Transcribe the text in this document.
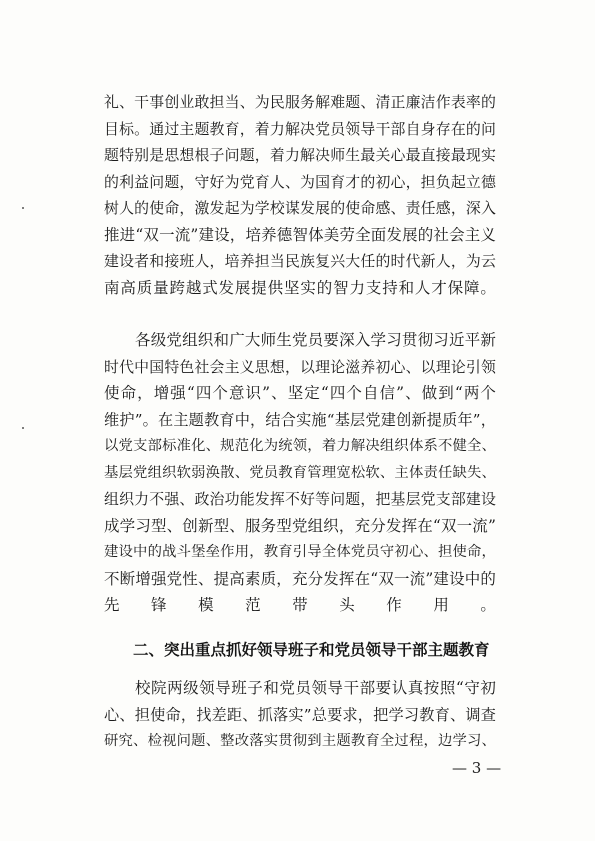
礼、干事创业敢担当、为民服务解难题、清正廉洁作表率的
目标。通过主题教育，着力解决党员领导干部自身存在的问
题特别是思想根子问题，着力解决师生最关心最直接最现实
的利益问题，守好为党育人、为国育才的初心，担负起立德
树人的使命，激发起为学校谋发展的使命感、责任感，深入
推进“双一流”建设，培养德智体美劳全面发展的社会主义
建设者和接班人，培养担当民族复兴大任的时代新人，为云
南高质量跨越式发展提供坚实的智力支持和人才保障。
各级党组织和广大师生党员要深入学习贯彻习近平新
时代中国特色社会主义思想，以理论滋养初心、以理论引领
使命，增强“四个意识”、坚定“四个自信”、做到“两个
维护”。在主题教育中，结合实施“基层党建创新提质年”，
以党支部标准化、规范化为统领，着力解决组织体系不健全、
基层党组织软弱涣散、党员教育管理宽松软、主体责任缺失、
组织力不强、政治功能发挥不好等问题，把基层党支部建设
成学习型、创新型、服务型党组织，充分发挥在“双一流”
建设中的战斗堡垒作用，教育引导全体党员守初心、担使命，
不断增强党性、提高素质，充分发挥在“双一流”建设中的
先锋模范带头作用。
二、突出重点抓好领导班子和党员领导干部主题教育
校院两级领导班子和党员领导干部要认真按照“守初
心、担使命，找差距、抓落实”总要求，把学习教育、调查
研究、检视问题、整改落实贯彻到主题教育全过程，边学习、
— 3 —
